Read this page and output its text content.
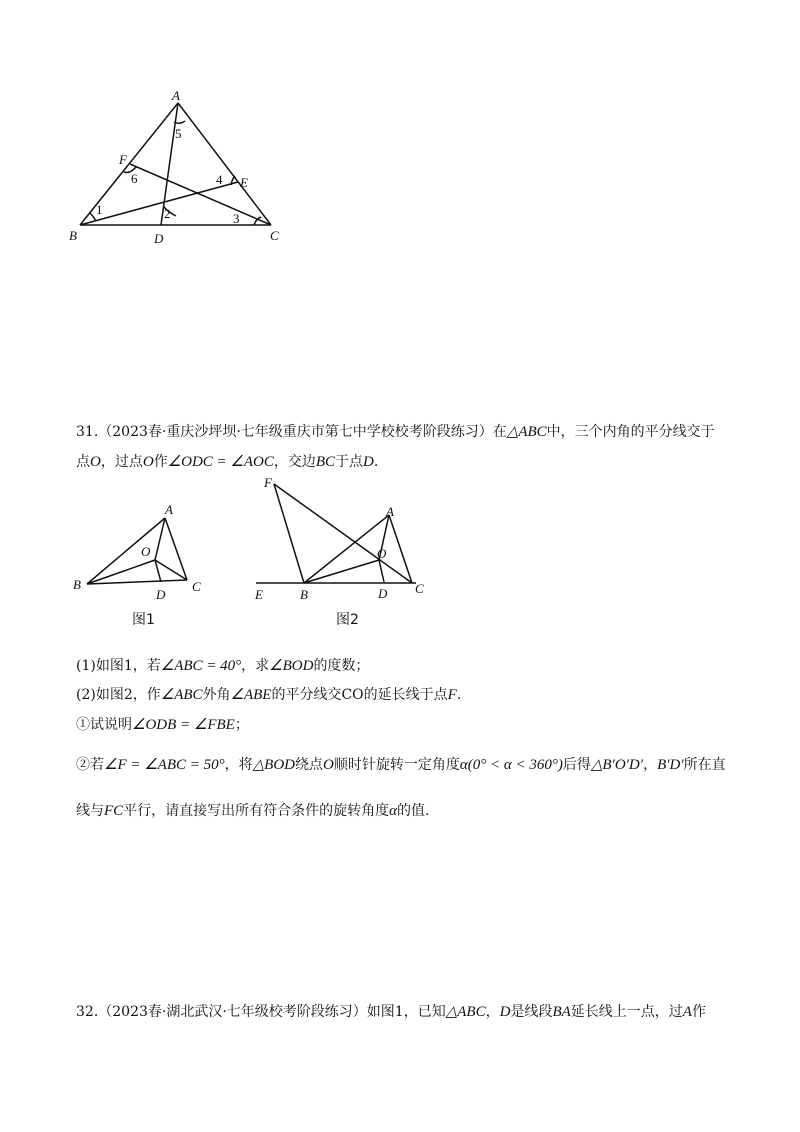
A
B	C
D
E
F
1	2	3
4
5
6
31.（2023春·重庆沙坪坝·七年级重庆市第七中学校校考阶段练习）在△ABC中，三个内角的平分线交于
点O，过点O作∠ODC = ∠AOC，交边BC于点D.
A
B	C
D
O
图1
F
A
O
E	B	D C
图2
(1)如图1，若∠ABC = 40°，求∠BOD的度数；
(2)如图2，作∠ABC外角∠ABE的平分线交CO的延长线于点F.
①试说明∠ODB = ∠FBE；
②若∠F = ∠ABC = 50°，将△BOD绕点O顺时针旋转一定角度α(0° < α < 360°)后得△B′O′D′，B′D′所在直
线与FC平行，请直接写出所有符合条件的旋转角度α的值.
32.（2023春·湖北武汉·七年级校考阶段练习）如图1，已知△ABC，D是线段BA延长线上一点，过A作
